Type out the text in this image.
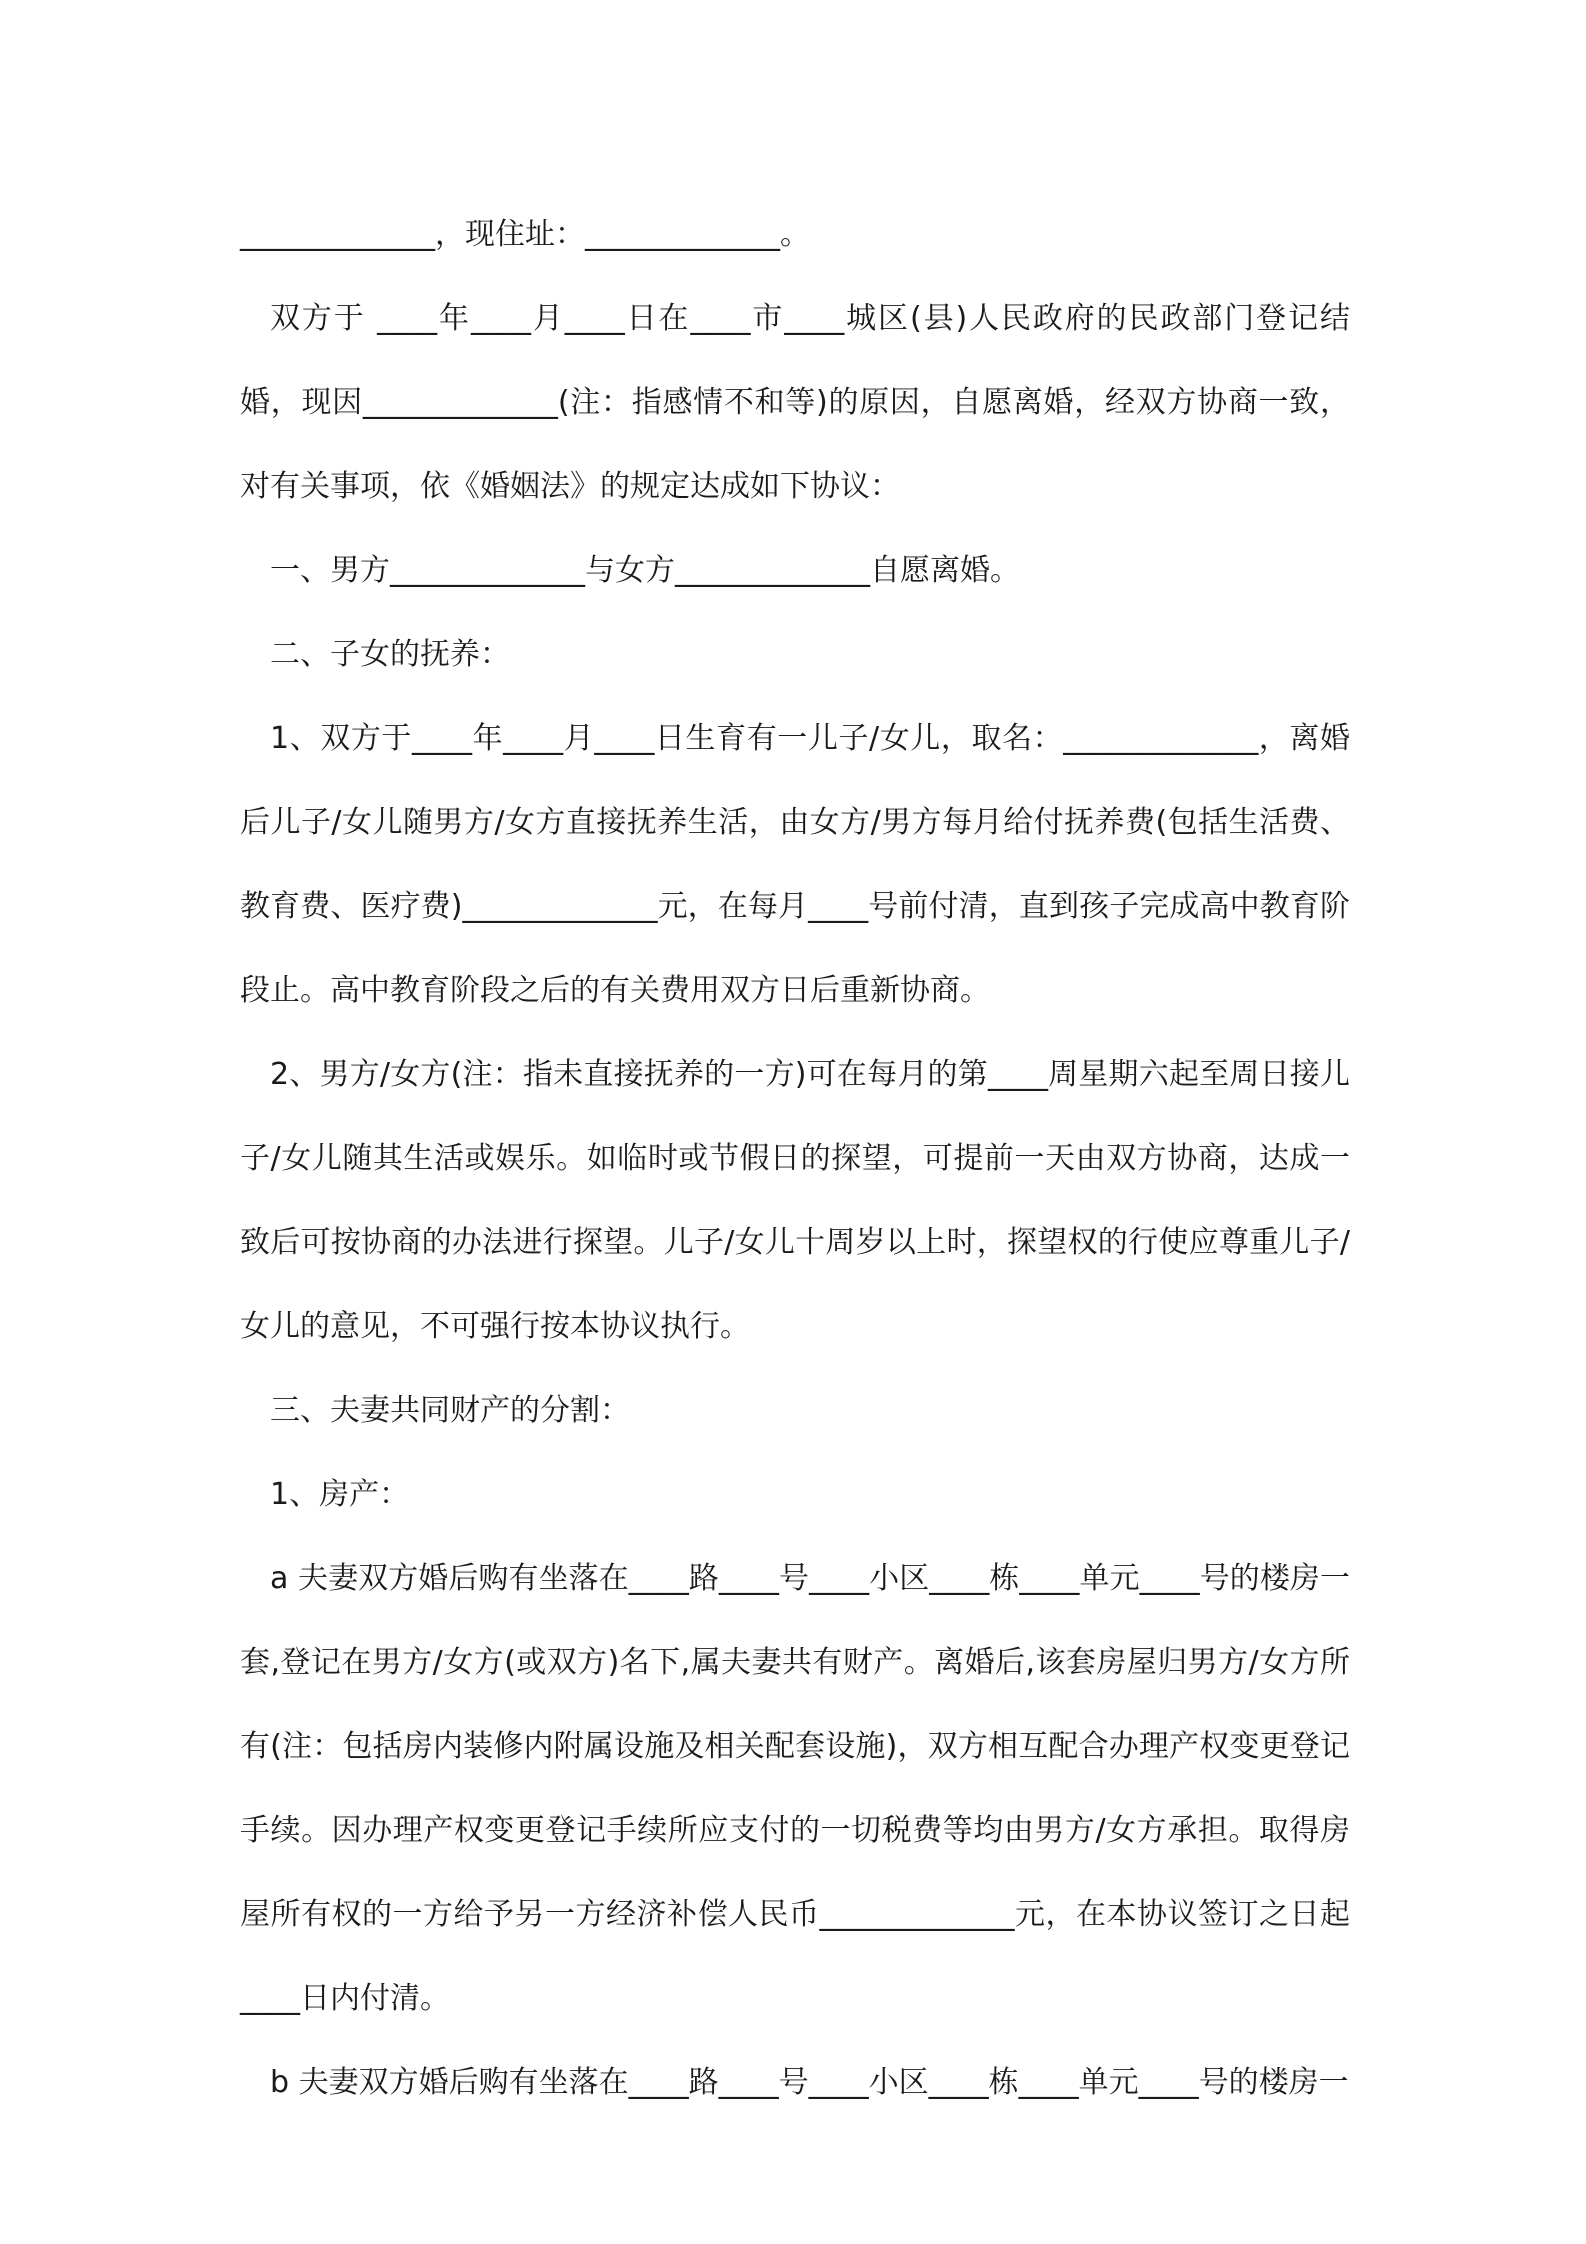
_____________，现住址：_____________。

双方于 ____年____月____日在____市____城区(县)人民政府的民政部门登记结婚，现因_____________(注：指感情不和等)的原因，自愿离婚，经双方协商一致，对有关事项，依《婚姻法》的规定达成如下协议：

一、男方_____________与女方_____________自愿离婚。

二、子女的抚养：

1、双方于____年____月____日生育有一儿子/女儿，取名：_____________，离婚后儿子/女儿随男方/女方直接抚养生活，由女方/男方每月给付抚养费(包括生活费、教育费、医疗费)_____________元，在每月____号前付清，直到孩子完成高中教育阶段止。高中教育阶段之后的有关费用双方日后重新协商。

2、男方/女方(注：指未直接抚养的一方)可在每月的第____周星期六起至周日接儿子/女儿随其生活或娱乐。如临时或节假日的探望，可提前一天由双方协商，达成一致后可按协商的办法进行探望。儿子/女儿十周岁以上时，探望权的行使应尊重儿子/女儿的意见，不可强行按本协议执行。

三、夫妻共同财产的分割：

1、房产：

a 夫妻双方婚后购有坐落在____路____号____小区____栋____单元____号的楼房一套,登记在男方/女方(或双方)名下,属夫妻共有财产。离婚后,该套房屋归男方/女方所有(注：包括房内装修内附属设施及相关配套设施)，双方相互配合办理产权变更登记手续。因办理产权变更登记手续所应支付的一切税费等均由男方/女方承担。取得房屋所有权的一方给予另一方经济补偿人民币_____________元，在本协议签订之日起____日内付清。

b 夫妻双方婚后购有坐落在____路____号____小区____栋____单元____号的楼房一
